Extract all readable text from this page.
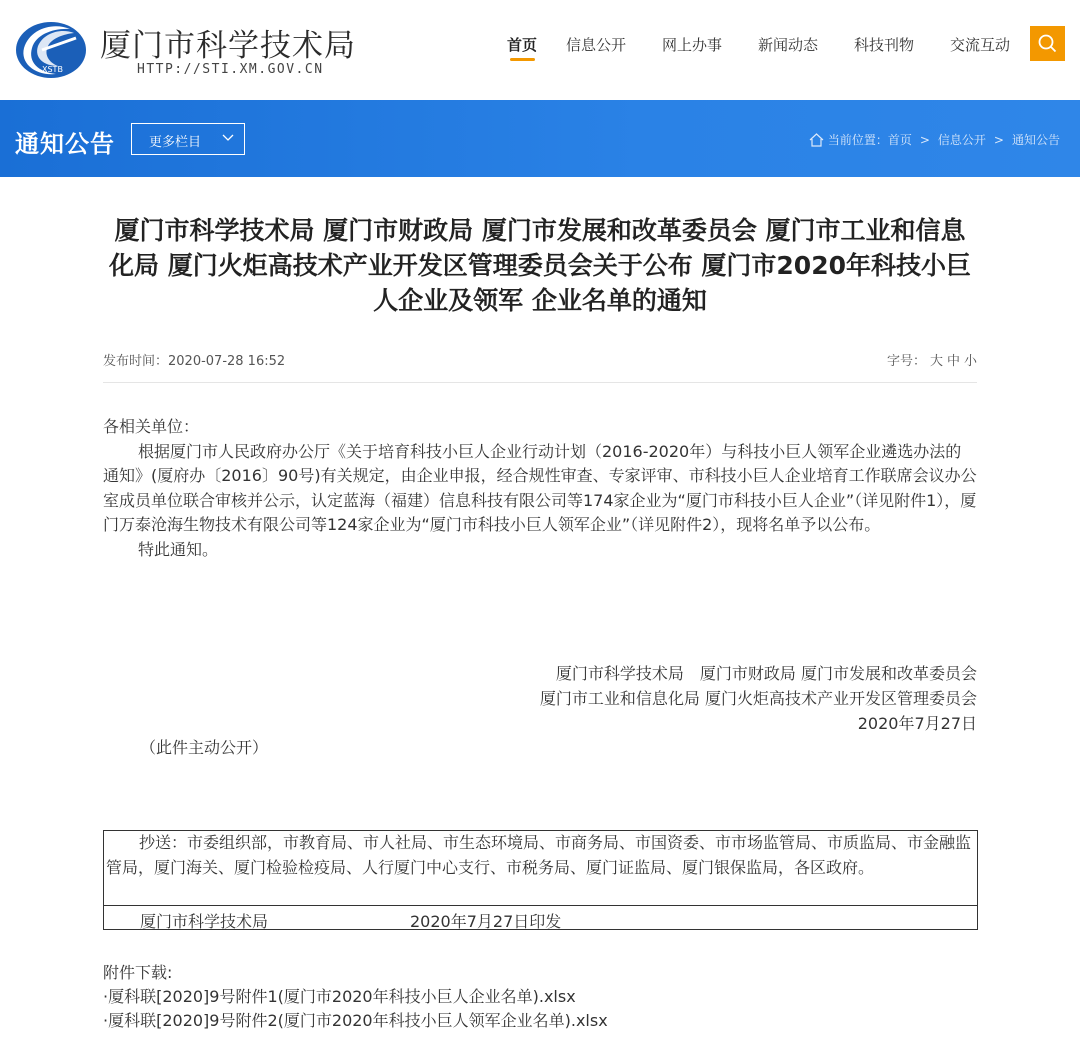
XSTB
厦门市科学技术局
HTTP://STI.XM.GOV.CN
首页 信息公开 网上办事 新闻动态 科技刊物 交流互动
通知公告	更多栏目	当前位置：首页 > 信息公开 > 通知公告
厦门市科学技术局 厦门市财政局 厦门市发展和改革委员会 厦门市工业和信息化局 厦门火炬高技术产业开发区管理委员会关于公布 厦门市2020年科技小巨人企业及领军 企业名单的通知
发布时间：2020-07-28 16:52	字号： 大 中 小

各相关单位：

根据厦门市人民政府办公厅《关于培育科技小巨人企业行动计划（2016-2020年）与科技小巨人领军企业遴选办法的通知》(厦府办〔2016〕90号)有关规定，由企业申报，经合规性审查、专家评审、市科技小巨人企业培育工作联席会议办公室成员单位联合审核并公示，认定蓝海（福建）信息科技有限公司等174家企业为“厦门市科技小巨人企业”（详见附件1），厦门万泰沧海生物技术有限公司等124家企业为“厦门市科技小巨人领军企业”（详见附件2），现将名单予以公布。

特此通知。

厦门市科学技术局　厦门市财政局 厦门市发展和改革委员会
厦门市工业和信息化局 厦门火炬高技术产业开发区管理委员会
2020年7月27日
（此件主动公开）

抄送：市委组织部，市教育局、市人社局、市生态环境局、市商务局、市国资委、市市场监管局、市质监局、市金融监管局，厦门海关、厦门检验检疫局、人行厦门中心支行、市税务局、厦门证监局、厦门银保监局，各区政府。

厦门市科学技术局	2020年7月27日印发
附件下载:
·厦科联[2020]9号附件1(厦门市2020年科技小巨人企业名单).xlsx
·厦科联[2020]9号附件2(厦门市2020年科技小巨人领军企业名单).xlsx
